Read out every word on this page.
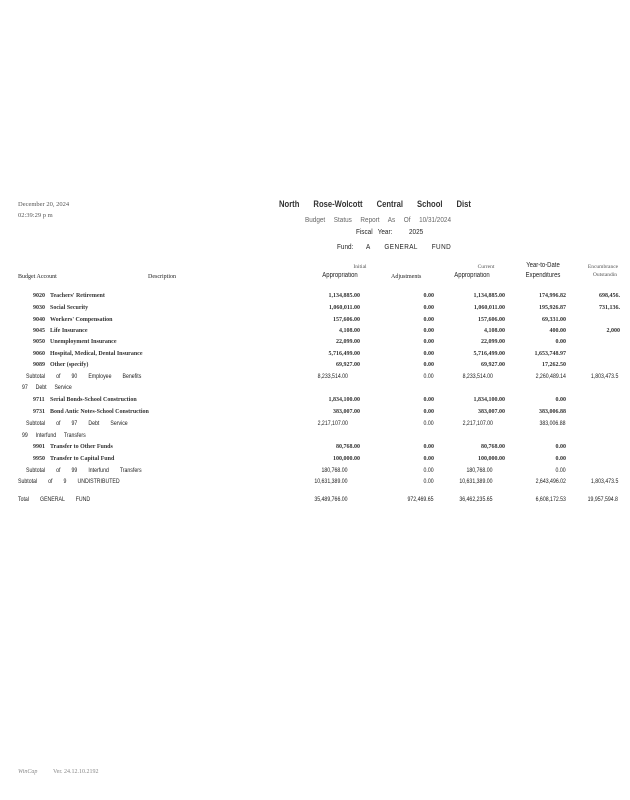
December 20, 2024
02:39:29 p m
North Rose-Wolcott Central School Dist
Budget Status Report As Of 10/31/2024
Fiscal Year: 2025
Fund: A GENERAL FUND
Budget Account	Description
Initial
Appropriation	Adjustments
Current
Appropriation
Year-to-Date
Expenditures
Encumbrance
Outstandin
9020 Teachers' Retirement	1,134,885.00	0.00	1,134,885.00	174,996.82	698,456.
9030 Social Security	1,060,011.00	0.00	1,060,011.00	195,926.87	731,136.
9040 Workers' Compensation	157,606.00	0.00	157,606.00	69,331.00
9045 Life Insurance	4,108.00	0.00	4,108.00	400.00	2,000
9050 Unemployment Insurance	22,099.00	0.00	22,099.00	0.00
9060 Hospital, Medical, Dental Insurance	5,716,499.00	0.00	5,716,499.00	1,653,748.97
9089 Other (specify)	69,927.00	0.00	69,927.00	17,262.50
Subtotal of 90 Employee Benefits	8,233,514.00	0.00	8,233,514.00	2,260,489.14	1,803,473.5
97 Debt Service
9711 Serial Bonds-School Construction	1,834,100.00	0.00	1,834,100.00	0.00
9731 Bond Antic Notes-School Construction	383,007.00	0.00	383,007.00	383,006.88
Subtotal of 97 Debt Service	2,217,107.00	0.00	2,217,107.00	383,006.88
99 Interfund Transfers
9901 Transfer to Other Funds	80,768.00	0.00	80,768.00	0.00
9950 Transfer to Capital Fund	100,000.00	0.00	100,000.00	0.00
Subtotal of 99 Interfund Transfers	180,768.00	0.00	180,768.00	0.00
Subtotal of 9 UNDISTRIBUTED	10,631,389.00	0.00	10,631,389.00	2,643,496.02	1,803,473.5
Total GENERAL FUND	35,489,766.00	972,469.65	36,462,235.65	6,608,172.53	19,957,594.8
WinCap	Ver. 24.12.10.2192
